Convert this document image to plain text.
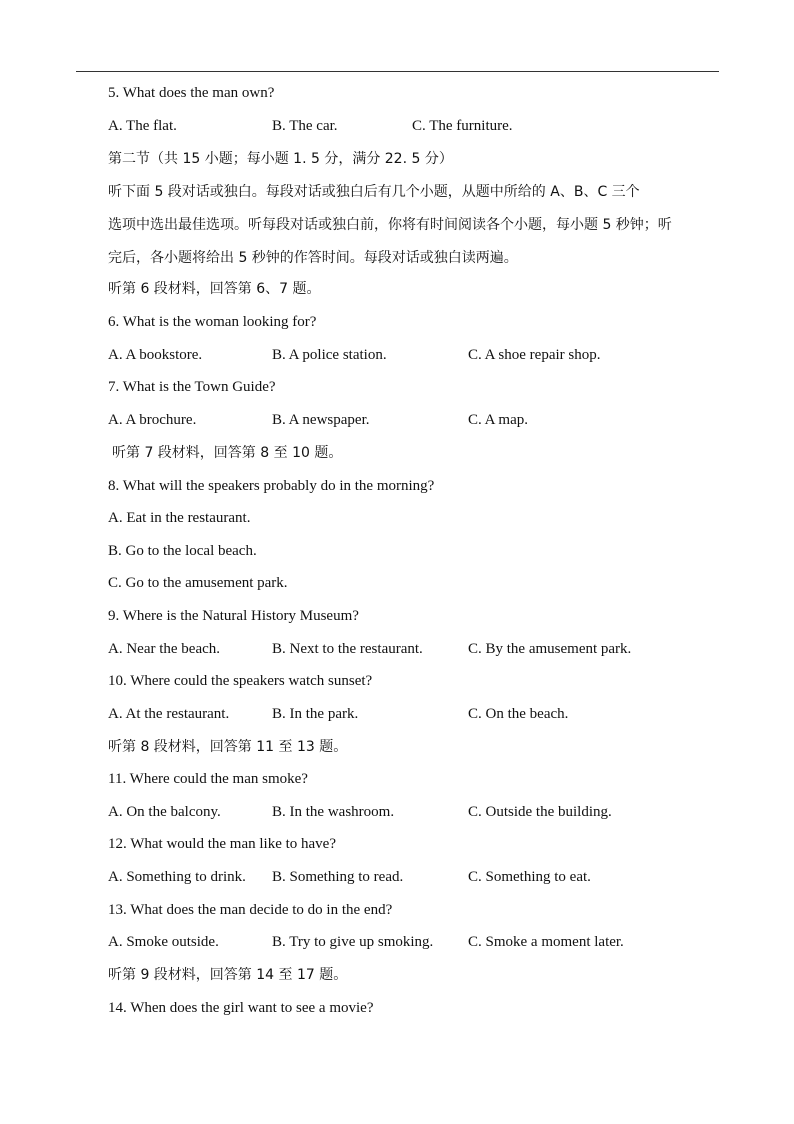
5. What does the man own?
A. The flat.	B. The car.	C. The furniture.
第二节（共 15 小题；每小题 1. 5 分，满分 22. 5 分）
听下面 5 段对话或独白。每段对话或独白后有几个小题，从题中所给的 A、B、C 三个
选项中选出最佳选项。听每段对话或独白前，你将有时间阅读各个小题，每小题 5 秒钟；听
完后，各小题将给出 5 秒钟的作答时间。每段对话或独白读两遍。
听第 6 段材料，回答第 6、7 题。
6. What is the woman looking for?
A. A bookstore.	B. A police station.	C. A shoe repair shop.
7. What is the Town Guide?
A. A brochure.	B. A newspaper.	C. A map.
听第 7 段材料，回答第 8 至 10 题。
8. What will the speakers probably do in the morning?
A. Eat in the restaurant.
B. Go to the local beach.
C. Go to the amusement park.
9. Where is the Natural History Museum?
A. Near the beach.	B. Next to the restaurant.	C. By the amusement park.
10. Where could the speakers watch sunset?
A. At the restaurant.	B. In the park.	C. On the beach.
听第 8 段材料，回答第 11 至 13 题。
11. Where could the man smoke?
A. On the balcony.	B. In the washroom.	C. Outside the building.
12. What would the man like to have?
A. Something to drink. B. Something to read.	C. Something to eat.
13. What does the man decide to do in the end?
A. Smoke outside.	B. Try to give up smoking. C. Smoke a moment later.
听第 9 段材料，回答第 14 至 17 题。
14. When does the girl want to see a movie?
